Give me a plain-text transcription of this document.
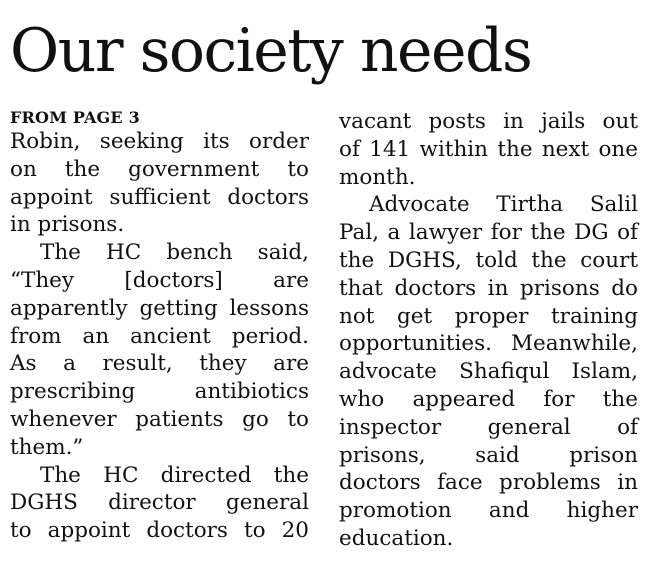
Our society needs
FROM PAGE 3

Robin, seeking its order

on the government to

appoint sufficient doctors

in prisons.

The HC bench said,

“They [doctors] are

apparently getting lessons

from an ancient period.

As a result, they are

prescribing antibiotics

whenever patients go to

them.”

The HC directed the

DGHS director general

to appoint doctors to 20

vacant posts in jails out

of 141 within the next one

month.

Advocate Tirtha Salil

Pal, a lawyer for the DG of

the DGHS, told the court

that doctors in prisons do

not get proper training

opportunities. Meanwhile,

advocate Shafiqul Islam,

who appeared for the

inspector general of

prisons, said prison

doctors face problems in

promotion and higher

education.
